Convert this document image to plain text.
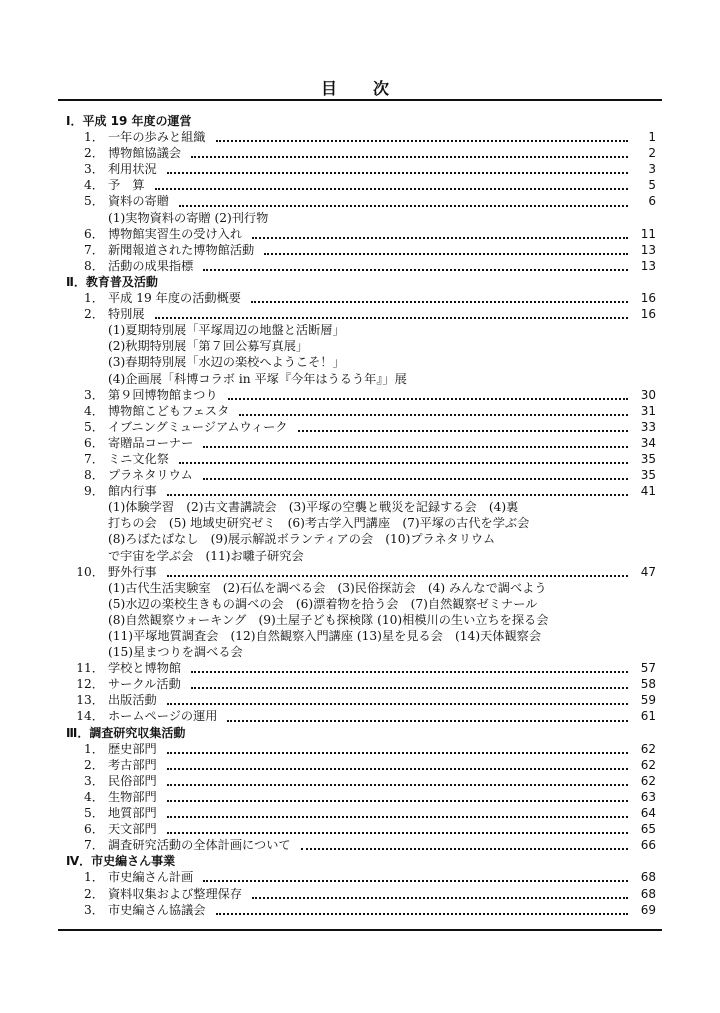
目　次
Ⅰ．平成 19 年度の運営
1． 一年の歩みと組織	1
2． 博物館協議会	2
3． 利用状況	3
4． 予　算	5
5． 資料の寄贈	6
(1)実物資料の寄贈 (2)刊行物
6． 博物館実習生の受け入れ	11
7． 新聞報道された博物館活動	13
8． 活動の成果指標	13
Ⅱ．教育普及活動
1． 平成 19 年度の活動概要	16
2． 特別展	16
(1)夏期特別展「平塚周辺の地盤と活断層」
(2)秋期特別展「第７回公募写真展」
(3)春期特別展「水辺の楽校へようこそ！」
(4)企画展「科博コラボ in 平塚『今年はうるう年』」展
3． 第９回博物館まつり	30
4． 博物館こどもフェスタ	31
5． イブニングミュージアムウィーク	33
6． 寄贈品コーナー	34
7． ミニ文化祭	35
8． プラネタリウム	35
9． 館内行事	41
(1)体験学習　(2)古文書講読会　(3)平塚の空襲と戦災を記録する会　(4)裏
打ちの会　(5) 地域史研究ゼミ　(6)考古学入門講座　(7)平塚の古代を学ぶ会
(8)ろばたばなし　(9)展示解説ボランティアの会　(10)プラネタリウム
で宇宙を学ぶ会　(11)お囃子研究会
10． 野外行事	47
(1)古代生活実験室　(2)石仏を調べる会　(3)民俗探訪会　(4) みんなで調べよう
(5)水辺の楽校生きもの調べの会　(6)漂着物を拾う会　(7)自然観察ゼミナール
(8)自然観察ウォーキング　(9)土屋子ども探検隊 (10)相模川の生い立ちを探る会
(11)平塚地質調査会　(12)自然観察入門講座 (13)星を見る会　(14)天体観察会
(15)星まつりを調べる会
11． 学校と博物館	57
12． サークル活動	58
13． 出版活動	59
14． ホームページの運用	61
Ⅲ．調査研究収集活動
1． 歴史部門	62
2． 考古部門	62
3． 民俗部門	62
4． 生物部門	63
5． 地質部門	64
6． 天文部門	65
7． 調査研究活動の全体計画について	66
Ⅳ．市史編さん事業
1． 市史編さん計画	68
2． 資料収集および整理保存	68
3． 市史編さん協議会	69
